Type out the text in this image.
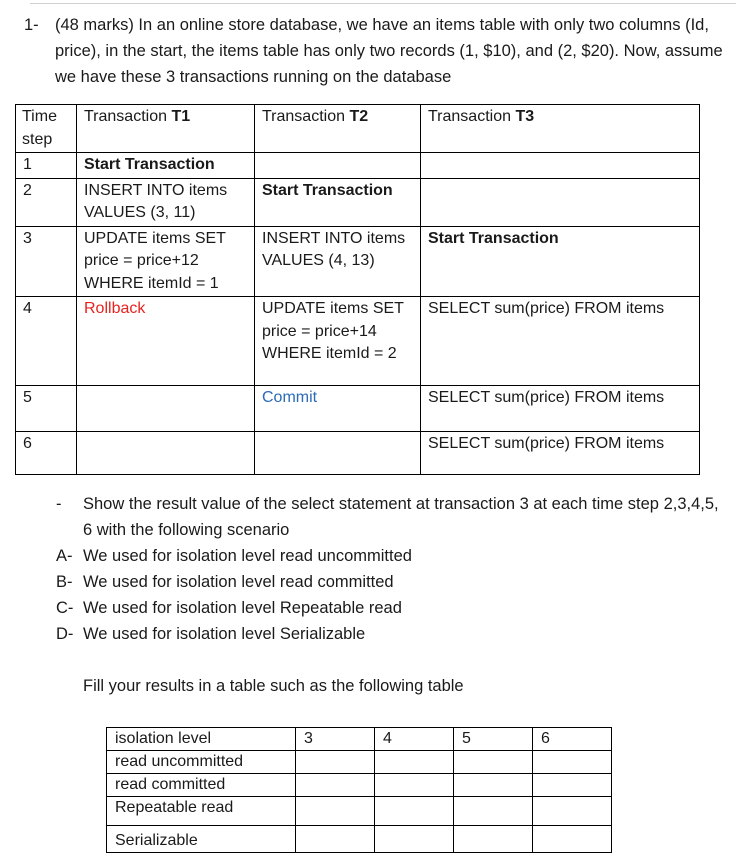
1- (48 marks) In an online store database, we have an items table with only two columns (Id, price), in the start, the items table has only two records (1, $10), and (2, $20). Now, assume we have these 3 transactions running on the database
Time step	Transaction T1	Transaction T2	Transaction T3
1	Start Transaction		
2	INSERT INTO items VALUES (3, 11)	Start Transaction	
3	UPDATE items SET price = price+12 WHERE itemId = 1	INSERT INTO items VALUES (4, 13)	Start Transaction
4	Rollback	UPDATE items SET price = price+14 WHERE itemId = 2	SELECT sum(price) FROM items
5		Commit	SELECT sum(price) FROM items
6			SELECT sum(price) FROM items
- Show the result value of the select statement at transaction 3 at each time step 2,3,4,5, 6 with the following scenario
A- We used for isolation level read uncommitted
B- We used for isolation level read committed
C- We used for isolation level Repeatable read
D- We used for isolation level Serializable
Fill your results in a table such as the following table
isolation level	3	4	5	6
read uncommitted				
read committed				
Repeatable read				
Serializable				
